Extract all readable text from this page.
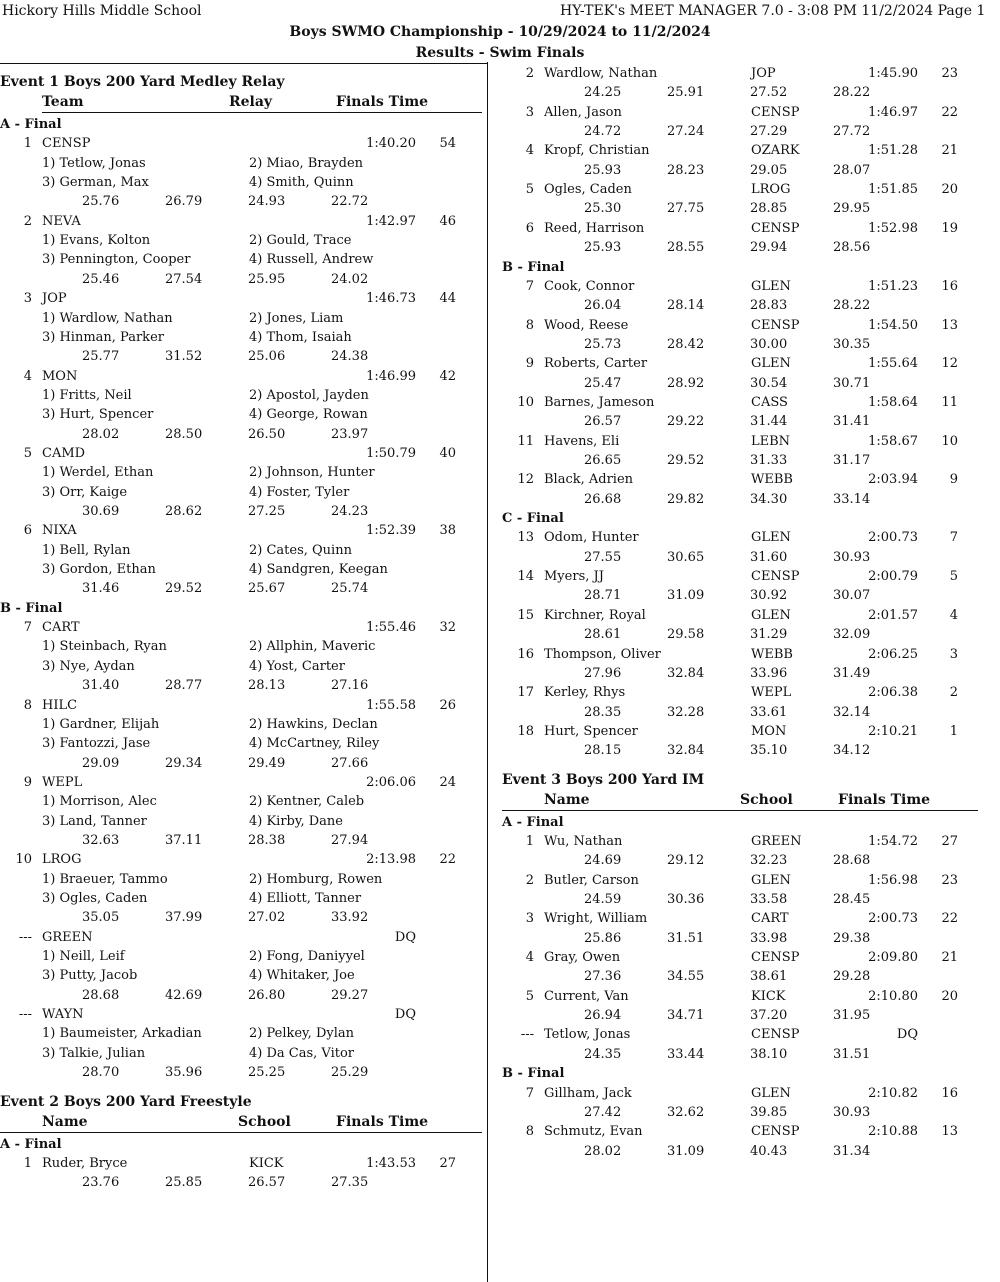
Hickory Hills Middle School	HY-TEK's MEET MANAGER 7.0 - 3:08 PM 11/2/2024 Page 1
Boys SWMO Championship - 10/29/2024 to 11/2/2024
Results - Swim Finals
Event 1 Boys 200 Yard Medley Relay
Team	Relay	Finals Time
A - Final
1 CENSP	1:40.20	54
1) Tetlow, Jonas	2) Miao, Brayden
3) German, Max	4) Smith, Quinn
25.76	26.79	24.93	22.72
2 NEVA	1:42.97	46
1) Evans, Kolton	2) Gould, Trace
3) Pennington, Cooper	4) Russell, Andrew
25.46	27.54	25.95	24.02
3 JOP	1:46.73	44
1) Wardlow, Nathan	2) Jones, Liam
3) Hinman, Parker	4) Thom, Isaiah
25.77	31.52	25.06	24.38
4 MON	1:46.99	42
1) Fritts, Neil	2) Apostol, Jayden
3) Hurt, Spencer	4) George, Rowan
28.02	28.50	26.50	23.97
5 CAMD	1:50.79	40
1) Werdel, Ethan	2) Johnson, Hunter
3) Orr, Kaige	4) Foster, Tyler
30.69	28.62	27.25	24.23
6 NIXA	1:52.39	38
1) Bell, Rylan	2) Cates, Quinn
3) Gordon, Ethan	4) Sandgren, Keegan
31.46	29.52	25.67	25.74
B - Final
7 CART	1:55.46	32
1) Steinbach, Ryan	2) Allphin, Maveric
3) Nye, Aydan	4) Yost, Carter
31.40	28.77	28.13	27.16
8 HILC	1:55.58	26
1) Gardner, Elijah	2) Hawkins, Declan
3) Fantozzi, Jase	4) McCartney, Riley
29.09	29.34	29.49	27.66
9 WEPL	2:06.06	24
1) Morrison, Alec	2) Kentner, Caleb
3) Land, Tanner	4) Kirby, Dane
32.63	37.11	28.38	27.94
10 LROG	2:13.98	22
1) Braeuer, Tammo	2) Homburg, Rowen
3) Ogles, Caden	4) Elliott, Tanner
35.05	37.99	27.02	33.92
--- GREEN	DQ
1) Neill, Leif	2) Fong, Daniyyel
3) Putty, Jacob	4) Whitaker, Joe
28.68	42.69	26.80	29.27
--- WAYN	DQ
1) Baumeister, Arkadian	2) Pelkey, Dylan
3) Talkie, Julian	4) Da Cas, Vitor
28.70	35.96	25.25	25.29
Event 2 Boys 200 Yard Freestyle
Name	School	Finals Time
A - Final
1 Ruder, Bryce	KICK	1:43.53	27
23.76	25.85	26.57	27.35
2 Wardlow, Nathan	JOP	1:45.90	23
24.25	25.91	27.52	28.22
3 Allen, Jason	CENSP	1:46.97	22
24.72	27.24	27.29	27.72
4 Kropf, Christian	OZARK	1:51.28	21
25.93	28.23	29.05	28.07
5 Ogles, Caden	LROG	1:51.85	20
25.30	27.75	28.85	29.95
6 Reed, Harrison	CENSP	1:52.98	19
25.93	28.55	29.94	28.56
B - Final
7 Cook, Connor	GLEN	1:51.23	16
26.04	28.14	28.83	28.22
8 Wood, Reese	CENSP	1:54.50	13
25.73	28.42	30.00	30.35
9 Roberts, Carter	GLEN	1:55.64	12
25.47	28.92	30.54	30.71
10 Barnes, Jameson	CASS	1:58.64	11
26.57	29.22	31.44	31.41
11 Havens, Eli	LEBN	1:58.67	10
26.65	29.52	31.33	31.17
12 Black, Adrien	WEBB	2:03.94	9
26.68	29.82	34.30	33.14
C - Final
13 Odom, Hunter	GLEN	2:00.73	7
27.55	30.65	31.60	30.93
14 Myers, JJ	CENSP	2:00.79	5
28.71	31.09	30.92	30.07
15 Kirchner, Royal	GLEN	2:01.57	4
28.61	29.58	31.29	32.09
16 Thompson, Oliver	WEBB	2:06.25	3
27.96	32.84	33.96	31.49
17 Kerley, Rhys	WEPL	2:06.38	2
28.35	32.28	33.61	32.14
18 Hurt, Spencer	MON	2:10.21	1
28.15	32.84	35.10	34.12
Event 3 Boys 200 Yard IM
Name	School	Finals Time
A - Final
1 Wu, Nathan	GREEN	1:54.72	27
24.69	29.12	32.23	28.68
2 Butler, Carson	GLEN	1:56.98	23
24.59	30.36	33.58	28.45
3 Wright, William	CART	2:00.73	22
25.86	31.51	33.98	29.38
4 Gray, Owen	CENSP	2:09.80	21
27.36	34.55	38.61	29.28
5 Current, Van	KICK	2:10.80	20
26.94	34.71	37.20	31.95
--- Tetlow, Jonas	CENSP	DQ
24.35	33.44	38.10	31.51
B - Final
7 Gillham, Jack	GLEN	2:10.82	16
27.42	32.62	39.85	30.93
8 Schmutz, Evan	CENSP	2:10.88	13
28.02	31.09	40.43	31.34
